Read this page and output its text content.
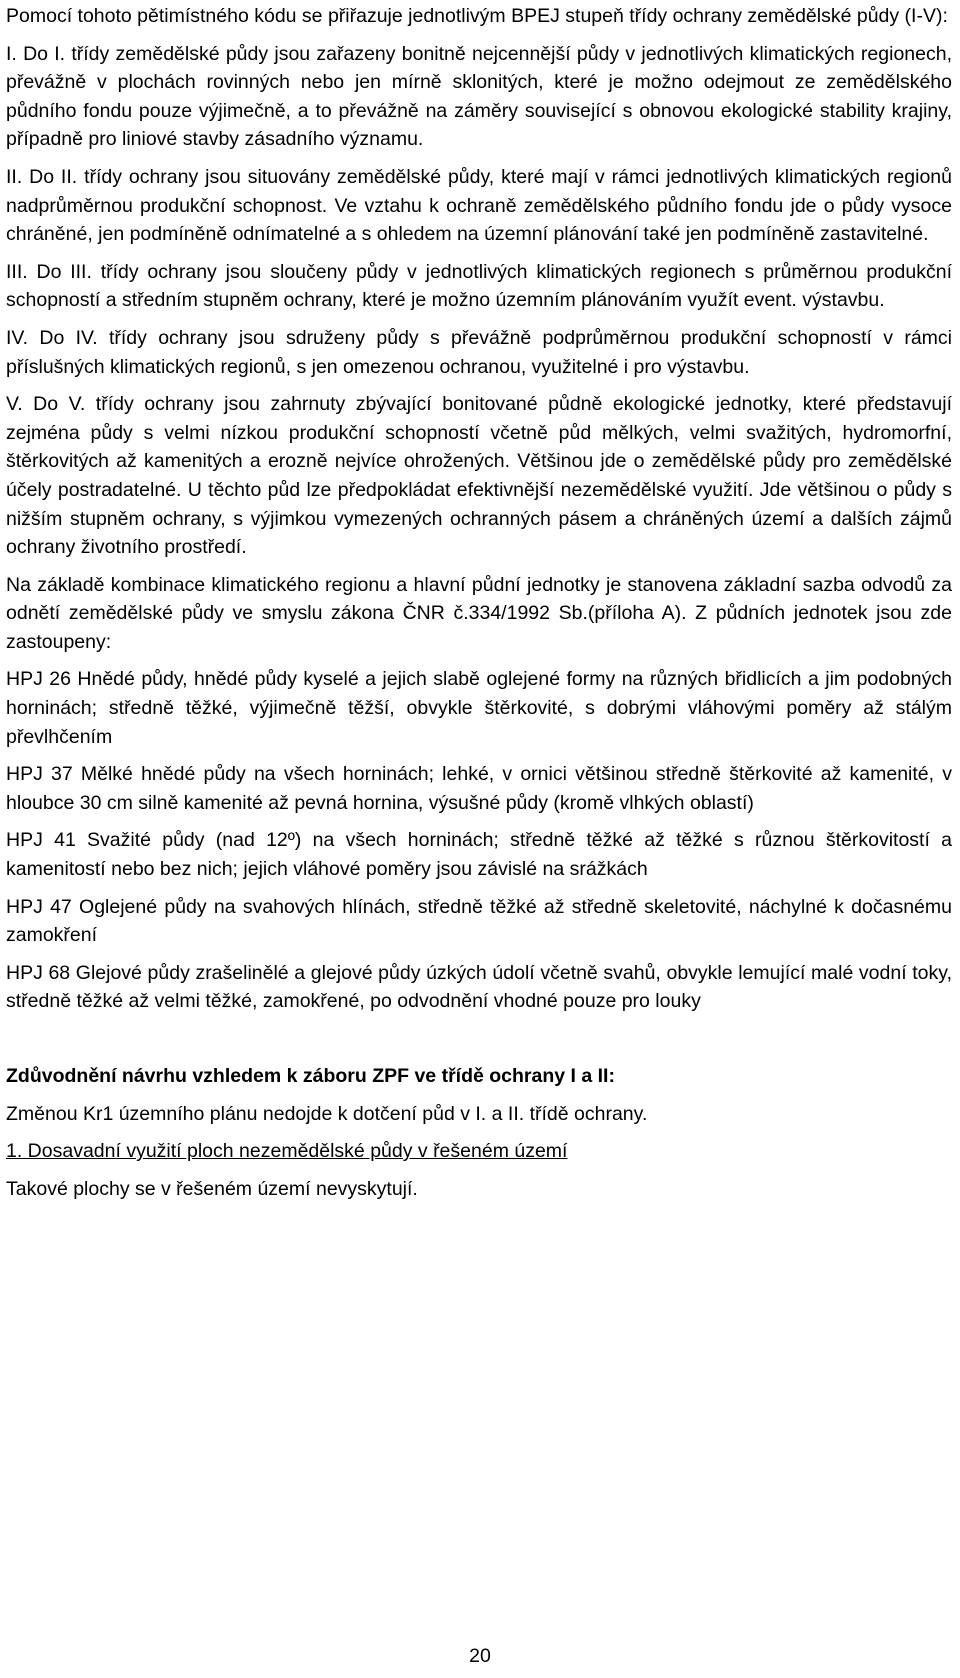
Pomocí tohoto pětimístného kódu se přiřazuje jednotlivým BPEJ stupeň třídy ochrany zemědělské půdy (I-V):

I. Do I. třídy zemědělské půdy jsou zařazeny bonitně nejcennější půdy v jednotlivých klimatických regionech, převážně v plochách rovinných nebo jen mírně sklonitých, které je možno odejmout ze zemědělského půdního fondu pouze výjimečně, a to převážně na záměry související s obnovou ekologické stability krajiny, případně pro liniové stavby zásadního významu.

II. Do II. třídy ochrany jsou situovány zemědělské půdy, které mají v rámci jednotlivých klimatických regionů nadprůměrnou produkční schopnost. Ve vztahu k ochraně zemědělského půdního fondu jde o půdy vysoce chráněné, jen podmíněně odnímatelné a s ohledem na územní plánování také jen podmíněně zastavitelné.

III. Do III. třídy ochrany jsou sloučeny půdy v jednotlivých klimatických regionech s průměrnou produkční schopností a středním stupněm ochrany, které je možno územním plánováním využít event. výstavbu.

IV. Do IV. třídy ochrany jsou sdruženy půdy s převážně podprůměrnou produkční schopností v rámci příslušných klimatických regionů, s jen omezenou ochranou, využitelné i pro výstavbu.

V. Do V. třídy ochrany jsou zahrnuty zbývající bonitované půdně ekologické jednotky, které představují zejména půdy s velmi nízkou produkční schopností včetně půd mělkých, velmi svažitých, hydromorfní, štěrkovitých až kamenitých a erozně nejvíce ohrožených. Většinou jde o zemědělské půdy pro zemědělské účely postradatelné. U těchto půd lze předpokládat efektivnější nezemědělské využití. Jde většinou o půdy s nižším stupněm ochrany, s výjimkou vymezených ochranných pásem a chráněných území a dalších zájmů ochrany životního prostředí.

Na základě kombinace klimatického regionu a hlavní půdní jednotky je stanovena základní sazba odvodů za odnětí zemědělské půdy ve smyslu zákona ČNR č.334/1992 Sb.(příloha A). Z půdních jednotek jsou zde zastoupeny:

HPJ 26 Hnědé půdy, hnědé půdy kyselé a jejich slabě oglejené formy na různých břidlicích a jim podobných horninách; středně těžké, výjimečně těžší, obvykle štěrkovité, s dobrými vláhovými poměry až stálým převlhčením

HPJ 37 Mělké hnědé půdy na všech horninách; lehké, v ornici většinou středně štěrkovité až kamenité, v hloubce 30 cm silně kamenité až pevná hornina, výsušné půdy (kromě vlhkých oblastí)

HPJ 41 Svažité půdy (nad 12º) na všech horninách; středně těžké až těžké s různou štěrkovitostí a kamenitostí nebo bez nich; jejich vláhové poměry jsou závislé na srážkách

HPJ 47 Oglejené půdy na svahových hlínách, středně těžké až středně skeletovité, náchylné k dočasnému zamokření

HPJ 68 Glejové půdy zrašelinělé a glejové půdy úzkých údolí včetně svahů, obvykle lemující malé vodní toky, středně těžké až velmi těžké, zamokřené, po odvodnění vhodné pouze pro louky

Zdůvodnění návrhu vzhledem k záboru ZPF ve třídě ochrany I a II:

Změnou Kr1 územního plánu nedojde k dotčení půd v I. a II. třídě ochrany.

1. Dosavadní využití ploch nezemědělské půdy v řešeném území

Takové plochy se v řešeném území nevyskytují.

20
